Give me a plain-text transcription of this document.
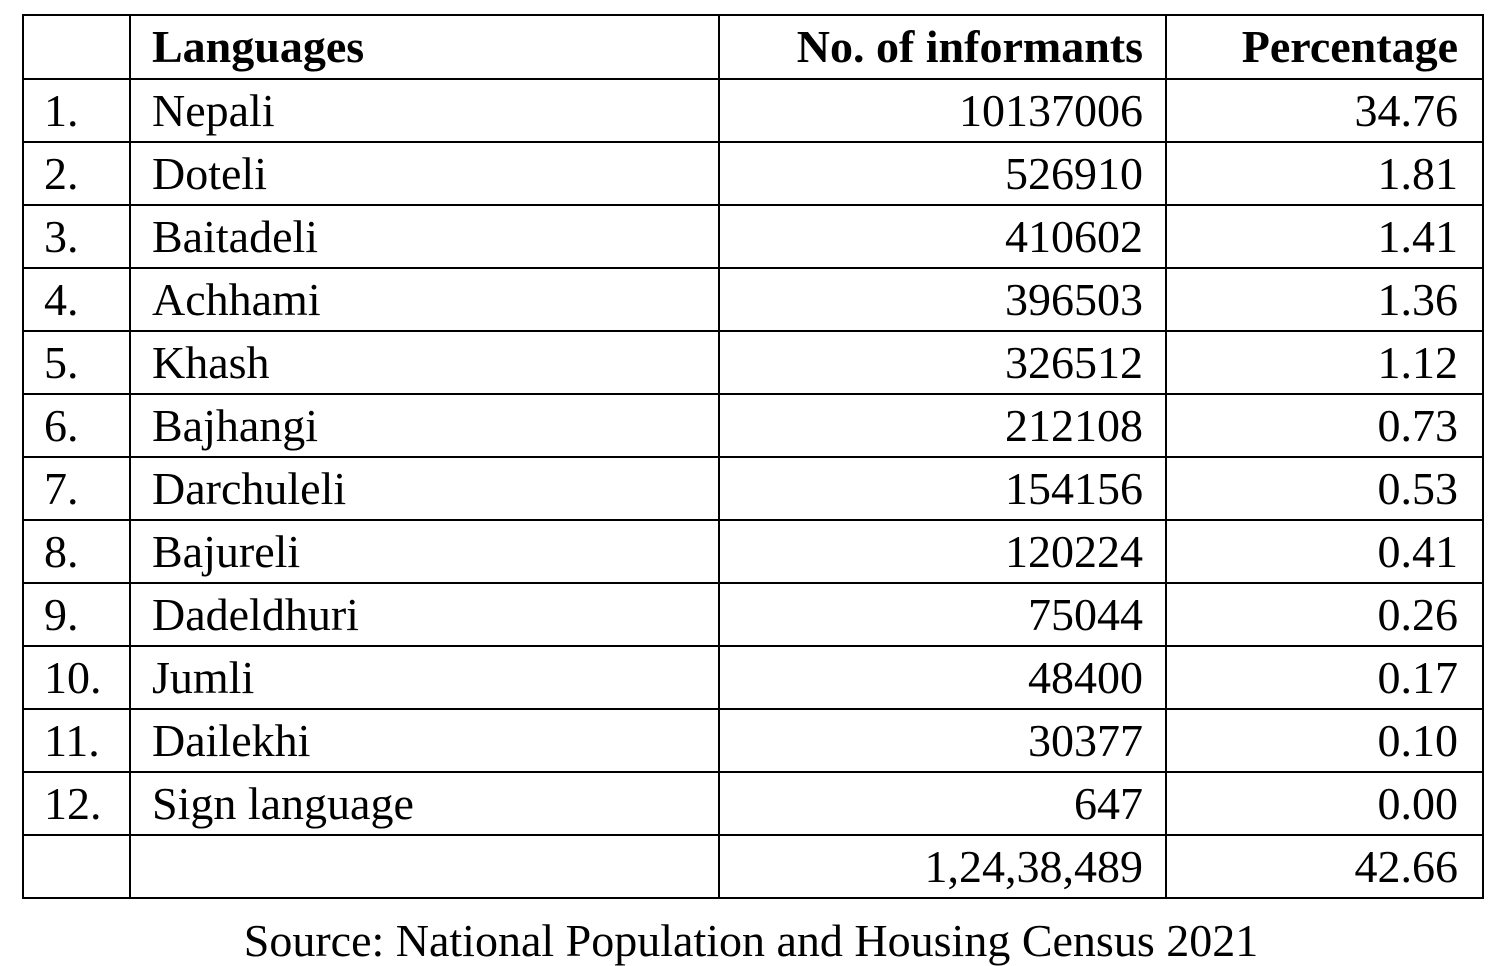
	Languages	No. of informants	Percentage
1.	Nepali	10137006	34.76
2.	Doteli	526910	1.81
3.	Baitadeli	410602	1.41
4.	Achhami	396503	1.36
5.	Khash	326512	1.12
6.	Bajhangi	212108	0.73
7.	Darchuleli	154156	0.53
8.	Bajureli	120224	0.41
9.	Dadeldhuri	75044	0.26
10.	Jumli	48400	0.17
11.	Dailekhi	30377	0.10
12.	Sign language	647	0.00
		1,24,38,489	42.66
Source: National Population and Housing Census 2021
